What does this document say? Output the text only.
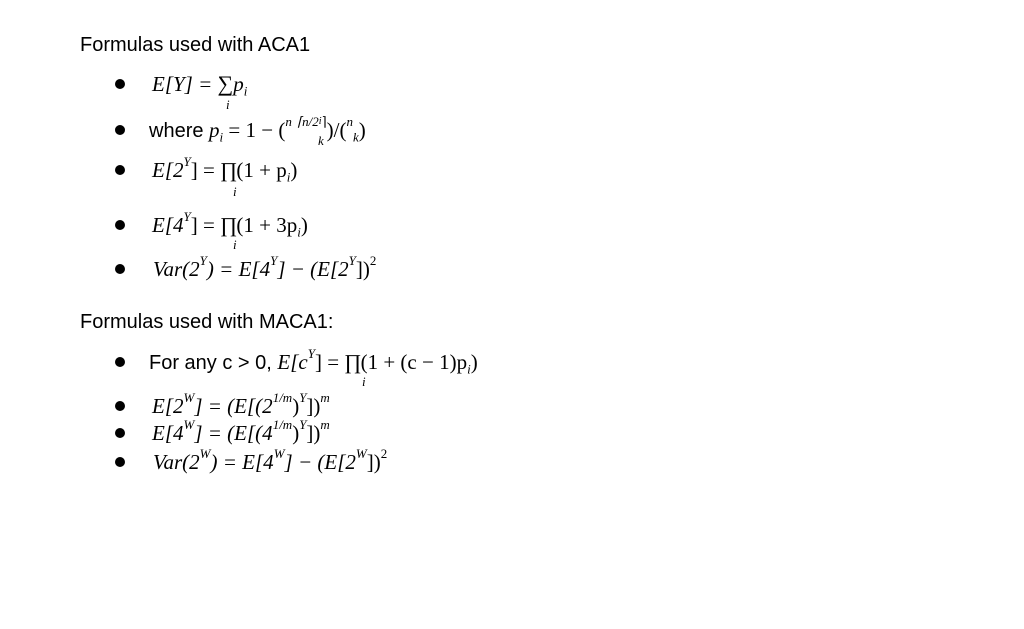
Formulas used with ACA1
$E[Y] = \sum p_i$
i
where $p_i = 1 - (^n$ $^{⌈n/2i⌉}$)/($^n_k$)
k
$E[2^Y]$ = ∏(1 + $p_i$)
i
$E[4^Y]$ = ∏(1 + $3p_i$)
i
$Var(2^Y) = E[4^Y] - (E[2^Y])^2$
Formulas used with MACA1:
For any c > 0, $E[c^Y]$ = ∏(1 + $(c - 1)p_i$)
i
$E[2^W] = (E[(2^{1/m})^Y])^m$
$E[4^W] = (E[(4^{1/m})^Y])^m$
$Var(2^W) = E[4^W] - (E[2^W])^2$
